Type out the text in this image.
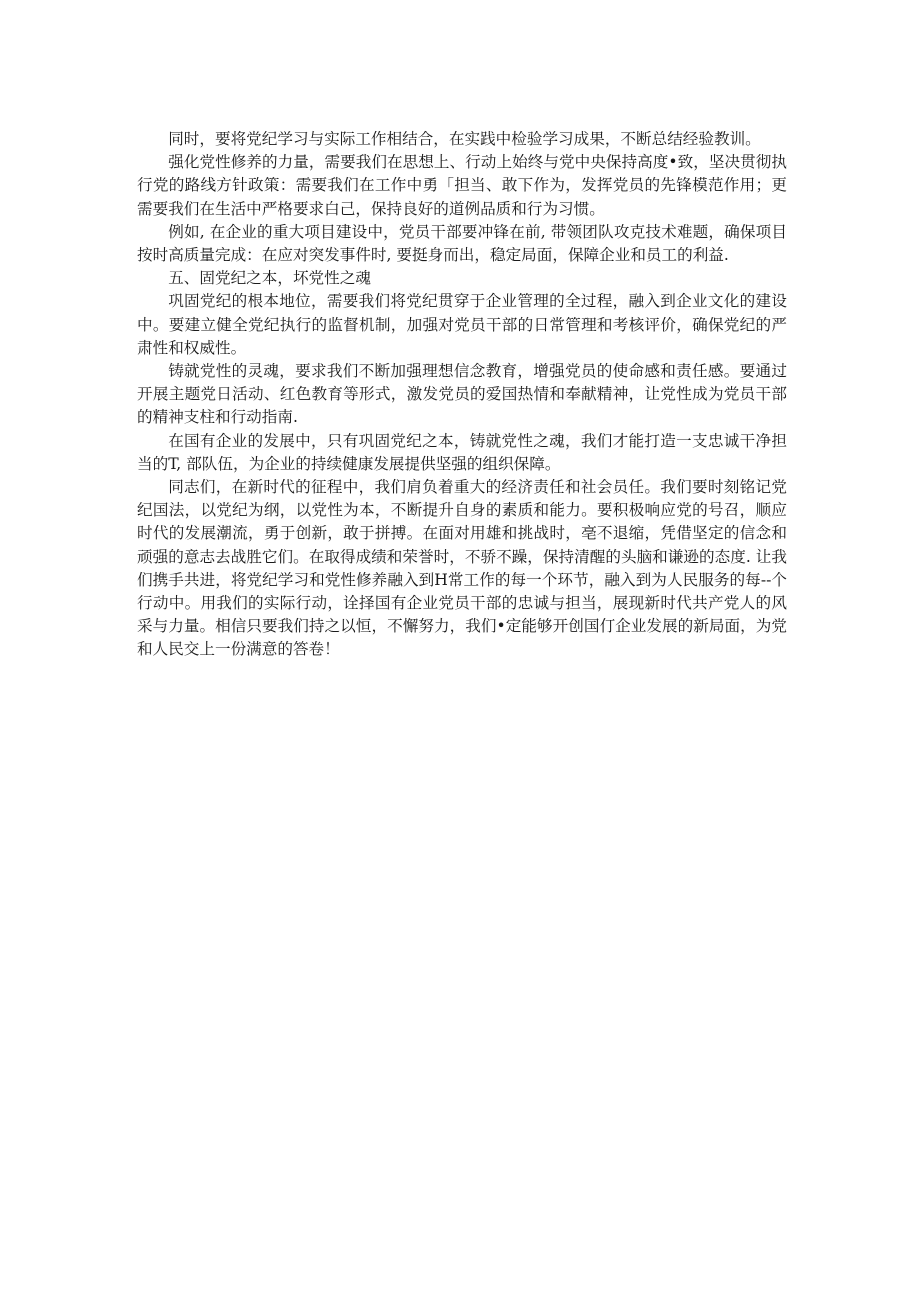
同时，要将党纪学习与实际工作相结合，在实践中检验学习成果，不断总结经验教训。

强化党性修养的力量，需要我们在思想上、行动上始终与党中央保持高度•致，坚决贯彻执行党的路线方针政策：需要我们在工作中勇「担当、敢下作为，发挥党员的先锋模范作用；更需要我们在生活中严格要求白己，保持良好的道例品质和行为习惯。

例如, 在企业的重大项目建设中，党员干部要冲锋在前, 带领团队攻克技术难题，确保项目按时高质量完成：在应对突发事件时, 要挺身而出，稳定局面，保障企业和员工的利益.

五、固党纪之本，坏党性之魂

巩固党纪的根本地位，需要我们将党纪贯穿于企业管理的全过程，融入到企业文化的建设中。要建立健全党纪执行的监督机制，加强对党员干部的日常管理和考核评价，确保党纪的严肃性和权威性。

铸就党性的灵魂，要求我们不断加强理想信念教育，增强党员的使命感和责任感。要通过开展主题党日活动、红色教育等形式，激发党员的爱国热情和奉献精神，让党性成为党员干部的精神支柱和行动指南.

在国有企业的发展中，只有巩固党纪之本，铸就党性之魂，我们才能打造一支忠诚干净担当的T, 部队伍，为企业的持续健康发展提供坚强的组织保障。

同志们，在新时代的征程中，我们肩负着重大的经济责任和社会员任。我们要时刻铭记党纪国法，以党纪为纲，以党性为本，不断提升自身的素质和能力。要积极响应党的号召，顺应时代的发展潮流，勇于创新，敢于拼搏。在面对用雄和挑战时，亳不退缩，凭借坚定的信念和顽强的意志去战胜它们。在取得成绩和荣誉时，不骄不躁，保持清醒的头脑和谦逊的态度. 让我们携手共进，将党纪学习和党性修养融入到H常工作的每一个环节，融入到为人民服务的每--个行动中。用我们的实际行动，诠择国有企业党员干部的忠诚与担当，展现新时代共产党人的风采与力量。相信只要我们持之以恒，不懈努力，我们•定能够开创国仃企业发展的新局面，为党和人民交上一份满意的答卷！
